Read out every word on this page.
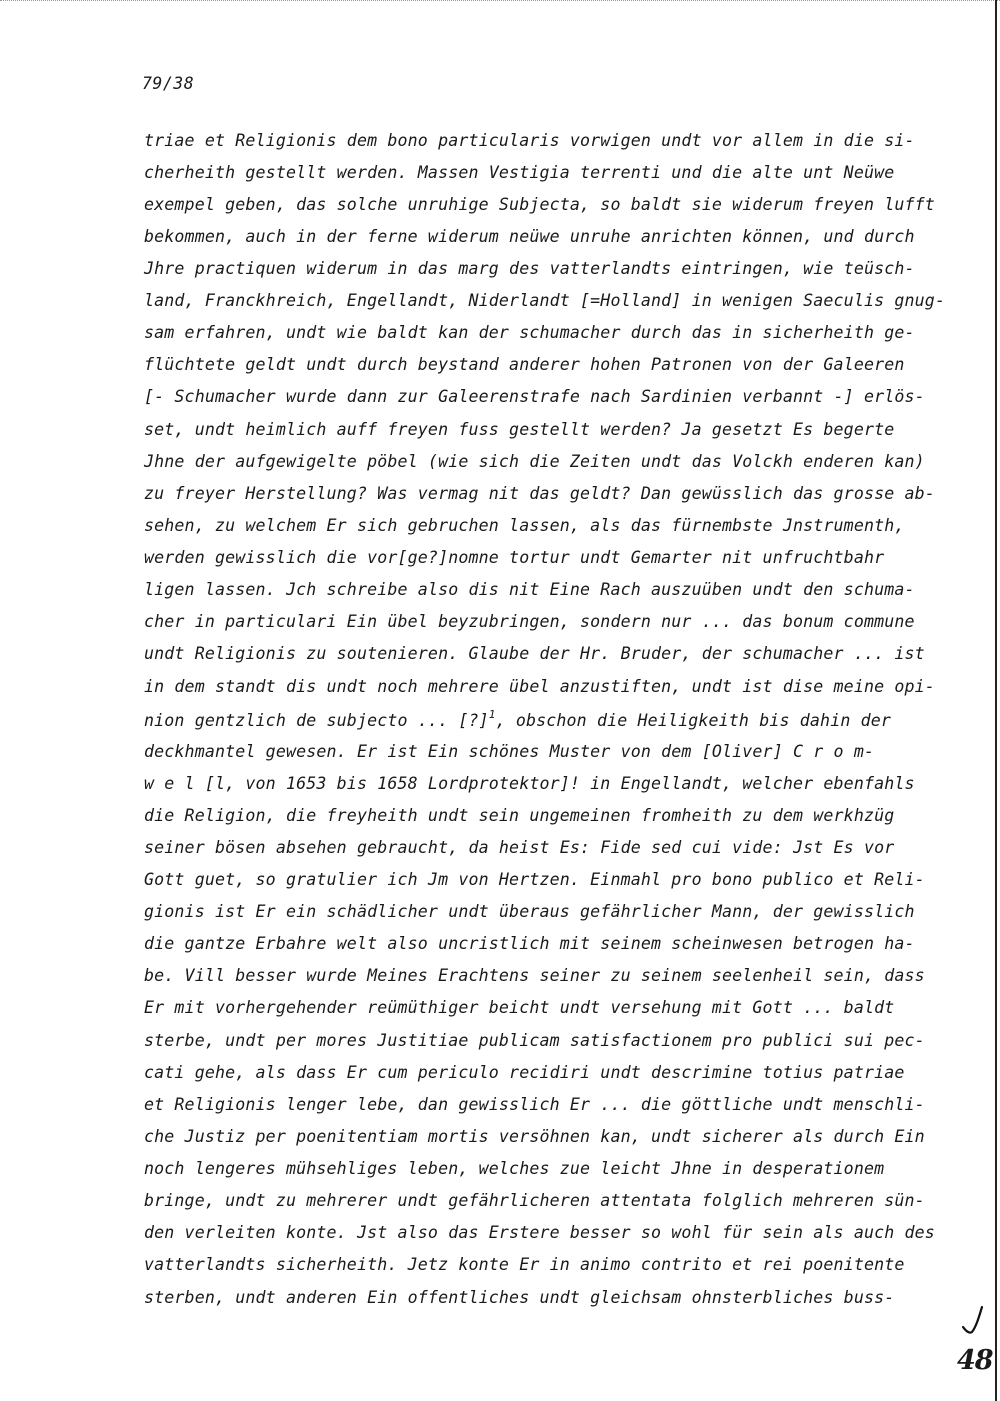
79/38
triae et Religionis dem bono particularis vorwigen undt vor allem in die si-
cherheith gestellt werden. Massen Vestigia terrenti und die alte unt Neüwe
exempel geben, das solche unruhige Subjecta, so baldt sie widerum freyen lufft
bekommen, auch in der ferne widerum neüwe unruhe anrichten können, und durch
Jhre practiquen widerum in das marg des vatterlandts eintringen, wie teüsch-
land, Franckhreich, Engellandt, Niderlandt [=Holland] in wenigen Saeculis gnug-
sam erfahren, undt wie baldt kan der schumacher durch das in sicherheith ge-
flüchtete geldt undt durch beystand anderer hohen Patronen von der Galeeren
[- Schumacher wurde dann zur Galeerenstrafe nach Sardinien verbannt -] erlös-
set, undt heimlich auff freyen fuss gestellt werden? Ja gesetzt Es begerte
Jhne der aufgewigelte pöbel (wie sich die Zeiten undt das Volckh enderen kan)
zu freyer Herstellung? Was vermag nit das geldt? Dan gewüsslich das grosse ab-
sehen, zu welchem Er sich gebruchen lassen, als das fürnembste Jnstrumenth,
werden gewisslich die vor[ge?]nomne tortur undt Gemarter nit unfruchtbahr
ligen lassen. Jch schreibe also dis nit Eine Rach auszuüben undt den schuma-
cher in particulari Ein übel beyzubringen, sondern nur ... das bonum commune
undt Religionis zu soutenieren. Glaube der Hr. Bruder, der schumacher ... ist
in dem standt dis undt noch mehrere übel anzustiften, undt ist dise meine opi-
nion gentzlich de subjecto ... [?]$^1$, obschon die Heiligkeith bis dahin der
deckhmantel gewesen. Er ist Ein schönes Muster von dem [Oliver] C r o m-
w e l [l, von 1653 bis 1658 Lordprotektor]! in Engellandt, welcher ebenfahls
die Religion, die freyheith undt sein ungemeinen fromheith zu dem werkhzüg
seiner bösen absehen gebraucht, da heist Es: Fide sed cui vide: Jst Es vor
Gott guet, so gratulier ich Jm von Hertzen. Einmahl pro bono publico et Reli-
gionis ist Er ein schädlicher undt überaus gefährlicher Mann, der gewisslich
die gantze Erbahre welt also uncristlich mit seinem scheinwesen betrogen ha-
be. Vill besser wurde Meines Erachtens seiner zu seinem seelenheil sein, dass
Er mit vorhergehender reümüthiger beicht undt versehung mit Gott ... baldt
sterbe, undt per mores Justitiae publicam satisfactionem pro publici sui pec-
cati gehe, als dass Er cum periculo recidiri undt descrimine totius patriae
et Religionis lenger lebe, dan gewisslich Er ... die göttliche undt menschli-
che Justiz per poenitentiam mortis versöhnen kan, undt sicherer als durch Ein
noch lengeres mühsehliges leben, welches zue leicht Jhne in desperationem
bringe, undt zu mehrerer undt gefährlicheren attentata folglich mehreren sün-
den verleiten konte. Jst also das Erstere besser so wohl für sein als auch des
vatterlandts sicherheith. Jetz konte Er in animo contrito et rei poenitente
sterben, undt anderen Ein offentliches undt gleichsam ohnsterbliches buss-
48
